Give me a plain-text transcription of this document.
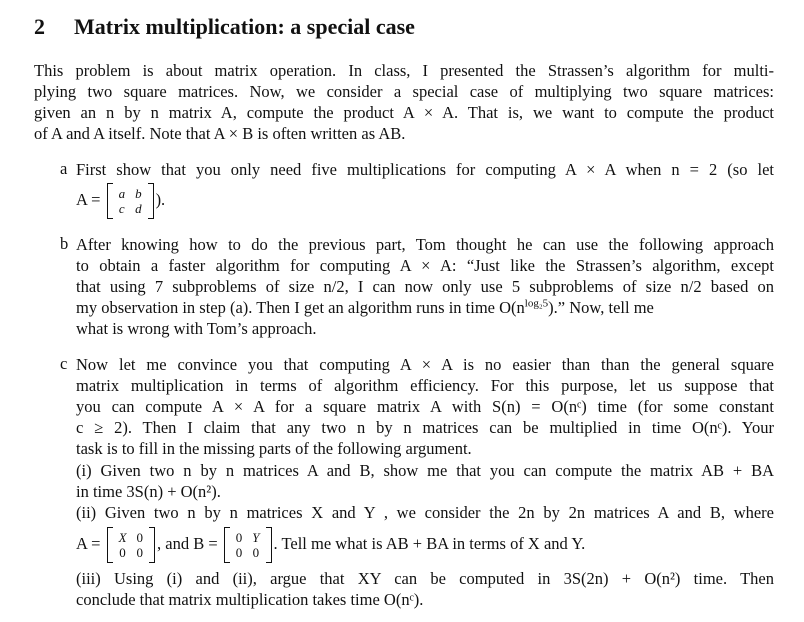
2 Matrix multiplication: a special case
This problem is about matrix operation. In class, I presented the Strassen’s algorithm for multi-
plying two square matrices. Now, we consider a special case of multiplying two square matrices:
given an n by n matrix A, compute the product A × A. That is, we want to compute the product
of A and A itself. Note that A × B is often written as AB.
a First show that you only need five multiplications for computing A × A when n = 2 (so let
A = a	b
c	d ).
b After knowing how to do the previous part, Tom thought he can use the following approach
to obtain a faster algorithm for computing A × A: “Just like the Strassen’s algorithm, except
that using 7 subproblems of size n/2, I can now only use 5 subproblems of size n/2 based on
my observation in step (a). Then I get an algorithm runs in time $O(n^{log_25})$.” Now, tell me
what is wrong with Tom’s approach.
c Now let me convince you that computing A × A is no easier than than the general square
matrix multiplication in terms of algorithm efficiency. For this purpose, let us suppose that
you can compute A × A for a square matrix A with S(n) = O(nᶜ) time (for some constant
c ≥ 2). Then I claim that any two n by n matrices can be multiplied in time O(nᶜ). Your
task is to fill in the missing parts of the following argument.
(i) Given two n by n matrices A and B, show me that you can compute the matrix AB + BA
in time 3S(n) + O(n²).
(ii) Given two n by n matrices X and Y , we consider the 2n by 2n matrices A and B, where
A = X	0
0	0 , and B = 0	Y
0	0 . Tell me what is AB + BA in terms of X and Y.
(iii) Using (i) and (ii), argue that XY can be computed in 3S(2n) + O(n²) time. Then
conclude that matrix multiplication takes time O(nᶜ).
